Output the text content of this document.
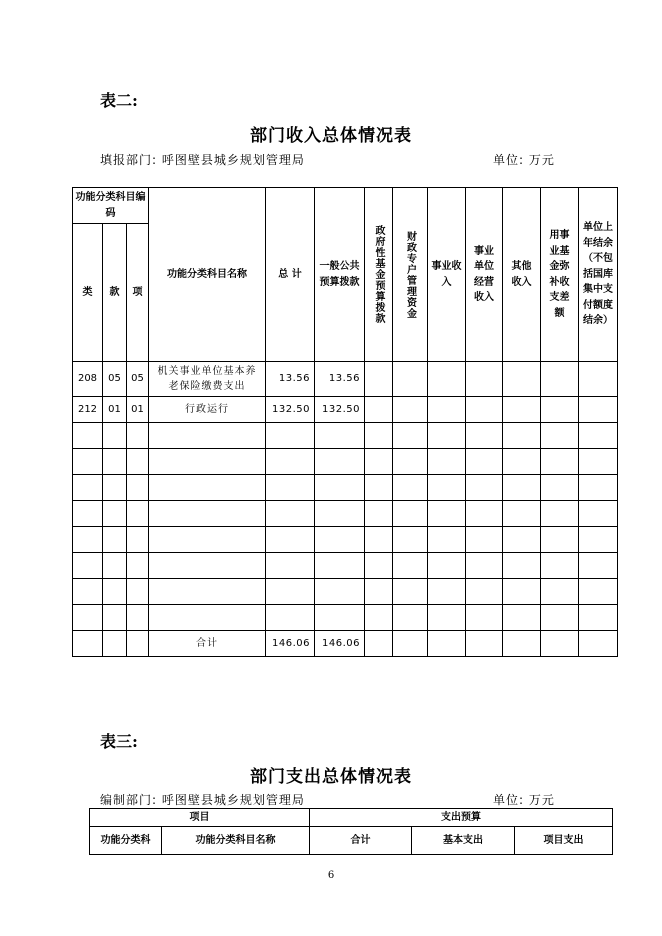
表二:
部门收入总体情况表
填报部门: 呼图壁县城乡规划管理局	单位: 万元
功能分类科目编码			功能分类科目名称	总 计	一般公共预算拨款	政府性基金预算拨款	财政专户管理资金	事业收入	事业单位经营收入	其他收入	用事业基金弥补收支差额	单位上年结余（不包括国库集中支付额度结余）
类	款	项										
208	05	05	机关事业单位基本养老保险缴费支出	13.56	13.56							
212	01	01	行政运行	132.50	132.50							

			合计	146.06	146.06							
表三:
部门支出总体情况表
编制部门: 呼图壁县城乡规划管理局	单位: 万元
项目		支出预算		
功能分类科	功能分类科目名称	合计	基本支出	项目支出
6
